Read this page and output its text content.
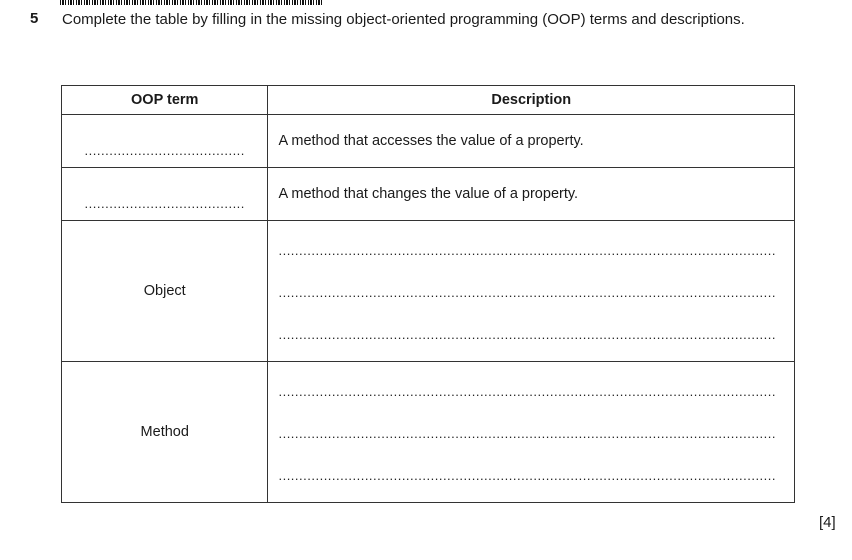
5 Complete the table by filling in the missing object-oriented programming (OOP) terms and descriptions.
OOP term	Description

.......................................	A method that accesses the value of a property.

.......................................	A method that changes the value of a property.

Object	.........................................................................................................................
.........................................................................................................................
.........................................................................................................................

Method	.........................................................................................................................
.........................................................................................................................
.........................................................................................................................
[4]
